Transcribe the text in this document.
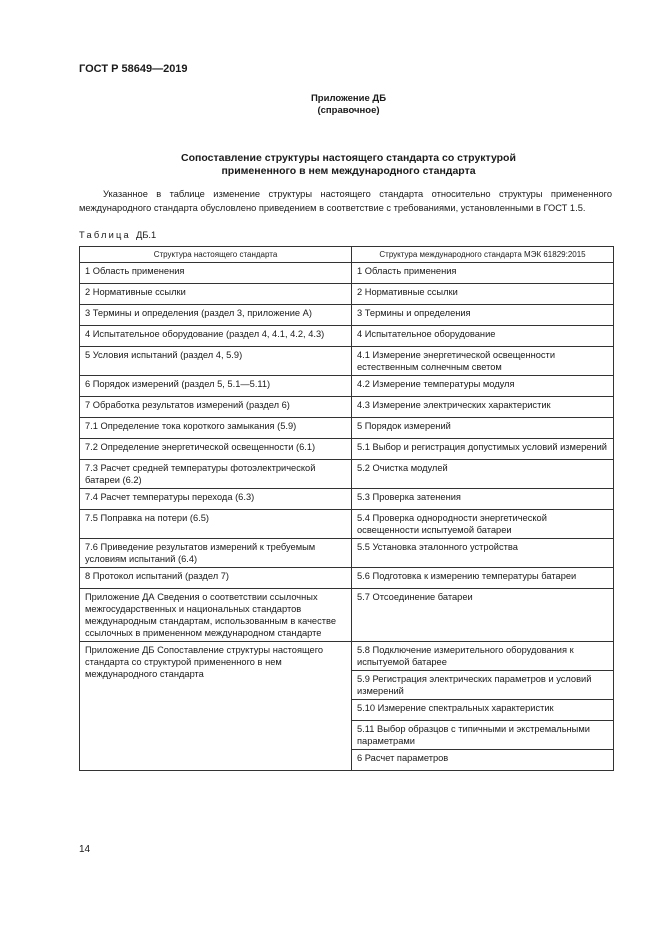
ГОСТ Р 58649—2019
Приложение ДБ
(справочное)
Сопоставление структуры настоящего стандарта со структурой
примененного в нем международного стандарта
Указанное в таблице изменение структуры настоящего стандарта относительно структуры примененного международного стандарта обусловлено приведением в соответствие с требованиями, установленными в ГОСТ 1.5.
Таблица ДБ.1
Структура настоящего стандарта	Структура международного стандарта МЭК 61829:2015
1 Область применения	1 Область применения
2 Нормативные ссылки	2 Нормативные ссылки
3 Термины и определения (раздел 3, приложение А)	3 Термины и определения
4 Испытательное оборудование (раздел 4, 4.1, 4.2, 4.3)	4 Испытательное оборудование
5 Условия испытаний (раздел 4, 5.9)	4.1 Измерение энергетической освещенности естественным солнечным светом
6 Порядок измерений (раздел 5, 5.1—5.11)	4.2 Измерение температуры модуля
7 Обработка результатов измерений (раздел 6)	4.3 Измерение электрических характеристик
7.1 Определение тока короткого замыкания (5.9)	5 Порядок измерений
7.2 Определение энергетической освещенности (6.1)	5.1 Выбор и регистрация допустимых условий измерений
7.3 Расчет средней температуры фотоэлектрической батареи (6.2)	5.2 Очистка модулей
7.4 Расчет температуры перехода (6.3)	5.3 Проверка затенения
7.5 Поправка на потери (6.5)	5.4 Проверка однородности энергетической освещенности испытуемой батареи
7.6 Приведение результатов измерений к требуемым условиям испытаний (6.4)	5.5 Установка эталонного устройства
8 Протокол испытаний (раздел 7)	5.6 Подготовка к измерению температуры батареи
Приложение ДА Сведения о соответствии ссылочных межгосударственных и национальных стандартов международным стандартам, использованным в качестве ссылочных в примененном международном стандарте	5.7 Отсоединение батареи
Приложение ДБ Сопоставление структуры настоящего стандарта со структурой примененного в нем международного стандарта	5.8 Подключение измерительного оборудования к испытуемой батарее
	5.9 Регистрация электрических параметров и условий измерений
	5.10 Измерение спектральных характеристик
	5.11 Выбор образцов с типичными и экстремальными параметрами
	6 Расчет параметров
14
